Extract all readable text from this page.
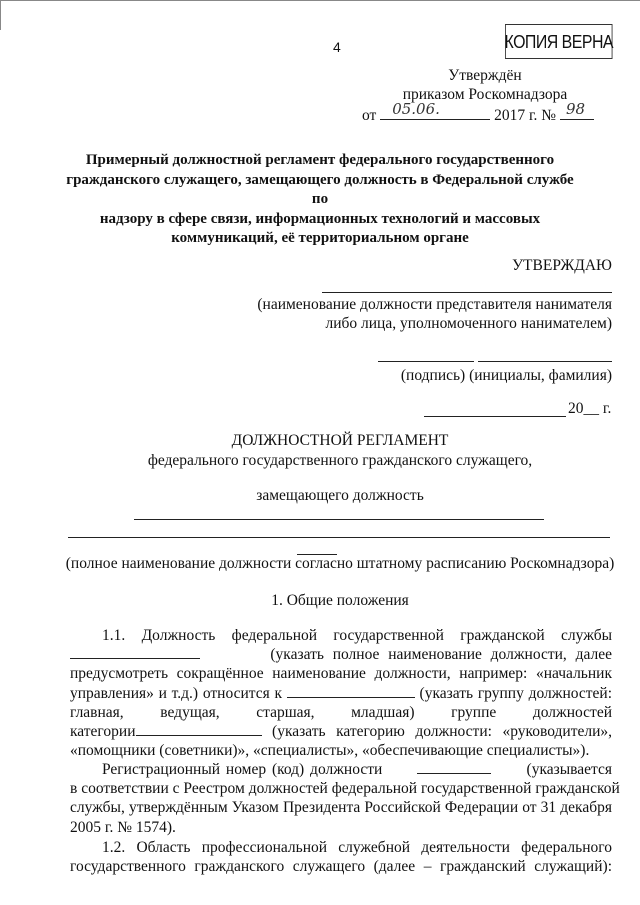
4	КОПИЯ ВЕРНА
Утверждён
приказом Роскомнадзора
от 05.06.	2017 г. № 98
Примерный должностной регламент федерального государственного
гражданского служащего, замещающего должность в Федеральной службе по
надзору в сфере связи, информационных технологий и массовых
коммуникаций, её территориальном органе
УТВЕРЖДАЮ
(наименование должности представителя нанимателя
либо лица, уполномоченного нанимателем)
(подпись) (инициалы, фамилия)
20__ г.
ДОЛЖНОСТНОЙ РЕГЛАМЕНТ
федерального государственного гражданского служащего,
замещающего должность
(полное наименование должности согласно штатному расписанию Роскомнадзора)
1. Общие положения
1.1. Должность федеральной государственной гражданской службы
(указать полное наименование должности, далее
предусмотреть сокращённое наименование должности, например: «начальник
управления» и т.д.) относится к	(указать группу должностей:
главная, ведущая, старшая, младшая) группе должностей
категории	(указать категорию должности: «руководители»,
«помощники (советники)», «специалисты», «обеспечивающие специалисты»).
Регистрационный номер (код) должности	(указывается
в соответствии с Реестром должностей федеральной государственной гражданской
службы, утверждённым Указом Президента Российской Федерации от 31 декабря
2005 г. № 1574).
1.2. Область профессиональной служебной деятельности федерального
государственного гражданского служащего (далее – гражданский служащий):
